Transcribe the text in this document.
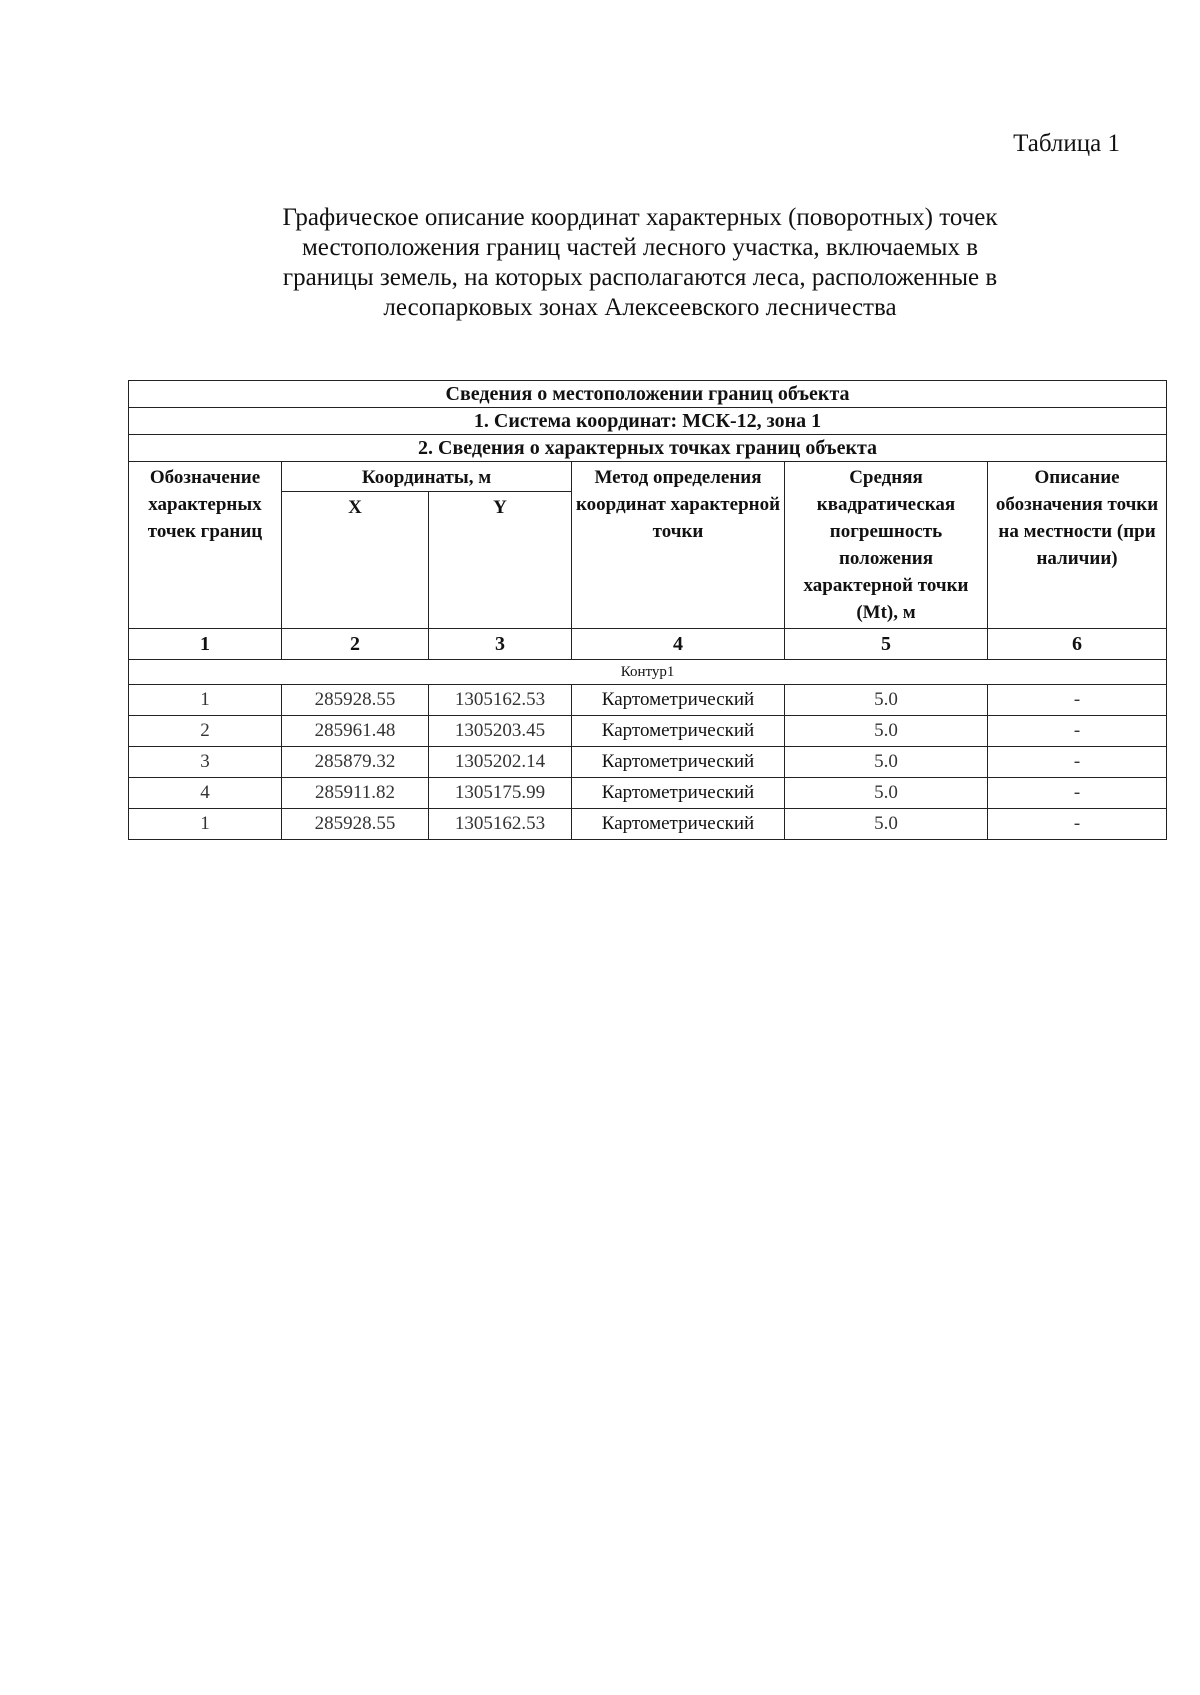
Таблица 1
Графическое описание координат характерных (поворотных) точек
местоположения границ частей лесного участка, включаемых в
границы земель, на которых располагаются леса, расположенные в
лесопарковых зонах Алексеевского лесничества
Сведения о местоположении границ объекта					
1. Система координат: МСК-12, зона 1					
2. Сведения о характерных точках границ объекта					
Обозначение характерных точек границ	Координаты, м		Метод определения координат характерной точки	Средняя квадратическая погрешность положения характерной точки (Mt), м	Описание обозначения точки на местности (при наличии)
	X	Y			
1	2	3	4	5	6
Контур1					
1	285928.55	1305162.53	Картометрический	5.0	-
2	285961.48	1305203.45	Картометрический	5.0	-
3	285879.32	1305202.14	Картометрический	5.0	-
4	285911.82	1305175.99	Картометрический	5.0	-
1	285928.55	1305162.53	Картометрический	5.0	-
